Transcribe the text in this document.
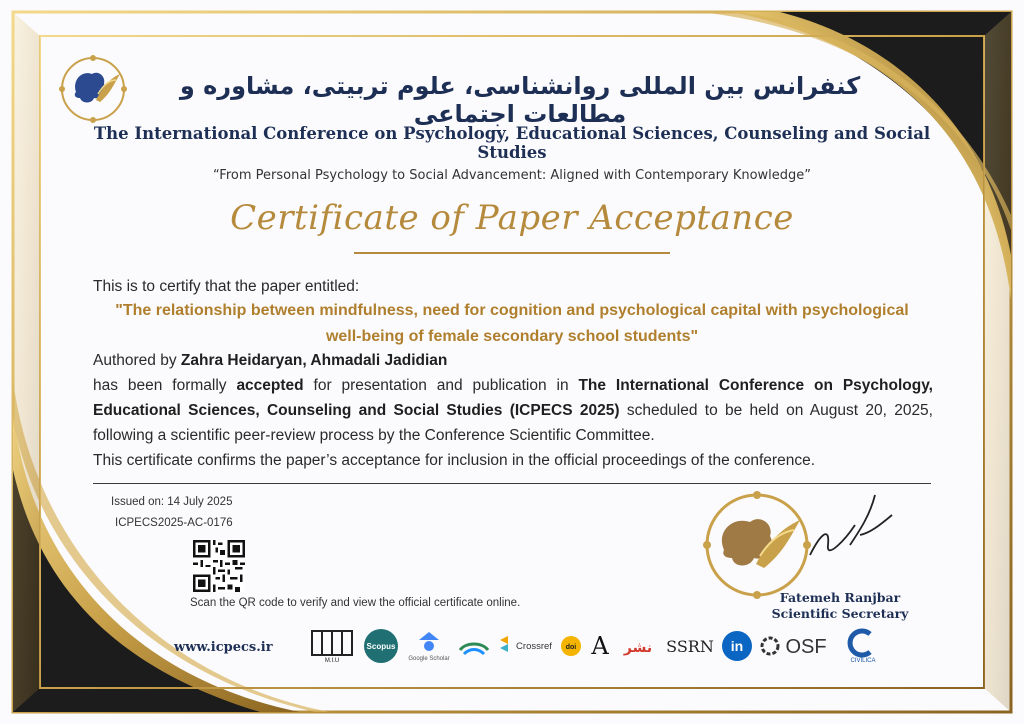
کنفرانس بین المللی روانشناسی، علوم تربیتی، مشاوره و مطالعات اجتماعی
The International Conference on Psychology, Educational Sciences, Counseling and Social Studies
“From Personal Psychology to Social Advancement: Aligned with Contemporary Knowledge”
Certificate of Paper Acceptance
This is to certify that the paper entitled:
"The relationship between mindfulness, need for cognition and psychological capital with psychological well-being of female secondary school students"
Authored by Zahra Heidaryan, Ahmadali Jadidian
has been formally accepted for presentation and publication in The International Conference on Psychology, Educational Sciences, Counseling and Social Studies (ICPECS 2025) scheduled to be held on August 20, 2025, following a scientific peer-review process by the Conference Scientific Committee.
This certificate confirms the paper’s acceptance for inclusion in the official proceedings of the conference.
Issued on: 14 July 2025
ICPECS2025-AC-0176
Scan the QR code to verify and view the official certificate online.
www.icpecs.ir
Fatemeh Ranjbar
Scientific Secretary
M.I.U
Scopus
Google Scholar
Crossref doi A نشر SSRN in OSF
CIVILICA
